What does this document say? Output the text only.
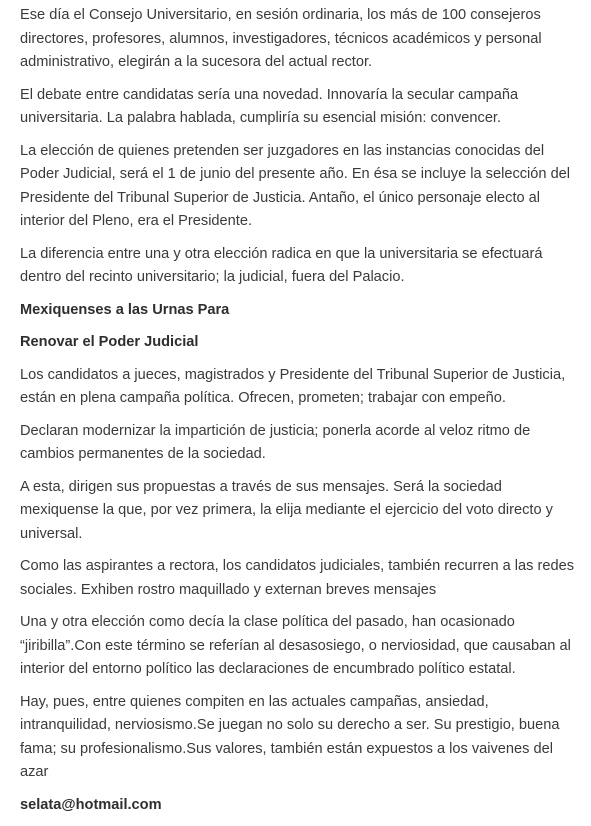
Ese día el Consejo Universitario, en sesión ordinaria, los más de 100 consejeros directores, profesores, alumnos, investigadores, técnicos académicos y personal administrativo, elegirán a la sucesora del actual rector.

El debate entre candidatas sería una novedad. Innovaría la secular campaña universitaria. La palabra hablada, cumpliría su esencial misión: convencer.

La elección de quienes pretenden ser juzgadores en las instancias conocidas del Poder Judicial, será el 1 de junio del presente año. En ésa se incluye la selección del Presidente del Tribunal Superior de Justicia. Antaño, el único personaje electo al interior del Pleno, era el Presidente.

La diferencia entre una y otra elección radica en que la universitaria se efectuará dentro del recinto universitario; la judicial, fuera del Palacio.

Mexiquenses a las Urnas Para

Renovar el Poder Judicial

Los candidatos a jueces, magistrados y Presidente del Tribunal Superior de Justicia, están en plena campaña política. Ofrecen, prometen; trabajar con empeño.

Declaran modernizar la impartición de justicia; ponerla acorde al veloz ritmo de cambios permanentes de la sociedad.

A esta, dirigen sus propuestas a través de sus mensajes. Será la sociedad mexiquense la que, por vez primera, la elija mediante el ejercicio del voto directo y universal.

Como las aspirantes a rectora, los candidatos judiciales, también recurren a las redes sociales. Exhiben rostro maquillado y externan breves mensajes

Una y otra elección como decía la clase política del pasado, han ocasionado “jiribilla”.Con este término se referían al desasosiego, o nerviosidad, que causaban al interior del entorno político las declaraciones de encumbrado político estatal.

Hay, pues, entre quienes compiten en las actuales campañas, ansiedad, intranquilidad, nerviosismo.Se juegan no solo su derecho a ser. Su prestigio, buena fama; su profesionalismo.Sus valores, también están expuestos a los vaivenes del azar

selata@hotmail.com
